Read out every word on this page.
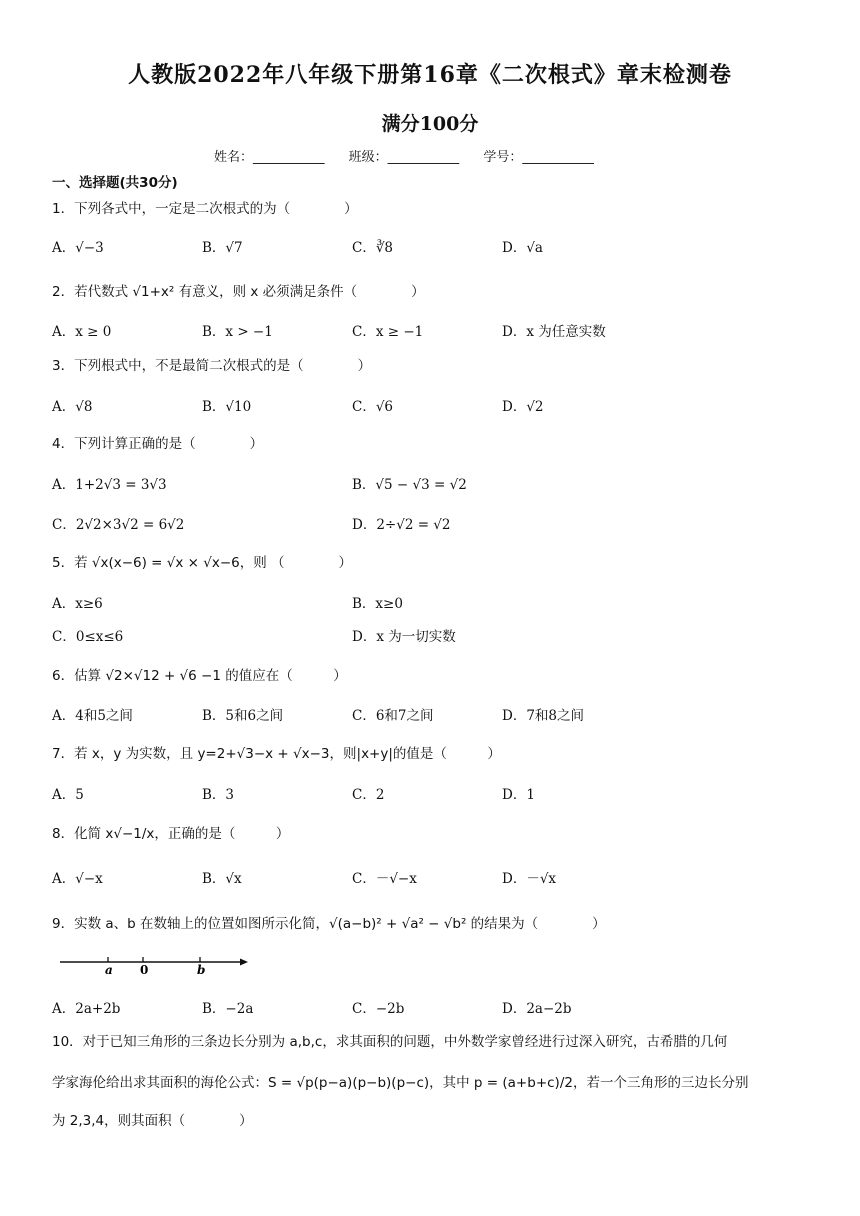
人教版2022年八年级下册第16章《二次根式》章末检测卷
满分100分
姓名：___________ 班级：___________ 学号：___________
一、选择题(共30分)
1．下列各式中，一定是二次根式的为（　　　　）
A．√−3	B．√7	C．∛8	D．√a
2．若代数式 √1+x² 有意义，则 x 必须满足条件（　　　　）
A．x ≥ 0	B．x > −1	C．x ≥ −1	D．x 为任意实数
3．下列根式中，不是最简二次根式的是（　　　　）
A．√8	B．√10	C．√6	D．√2
4．下列计算正确的是（　　　　）
A．1+2√3 = 3√3	B．√5 − √3 = √2
C．2√2×3√2 = 6√2	D．2÷√2 = √2
5．若 √x(x−6) = √x × √x−6，则 （　　　　）
A．x≥6	B．x≥0
C．0≤x≤6	D．x 为一切实数
6．估算 √2×√12 + √6 −1 的值应在（　　　）
A．4和5之间	B．5和6之间	C．6和7之间	D．7和8之间
7．若 x，y 为实数，且 y=2+√3−x + √x−3，则|x+y|的值是（　　　）
A．5	B．3	C．2	D．1
8．化简 x√−1/x，正确的是（　　　）
A．√−x	B．√x	C．－√−x	D．－√x
9．实数 a、b 在数轴上的位置如图所示化简，√(a−b)² + √a² − √b² 的结果为（　　　　）
a 0	b
A．2a+2b	B．−2a	C．−2b	D．2a−2b
10．对于已知三角形的三条边长分别为 a,b,c，求其面积的问题，中外数学家曾经进行过深入研究，古希腊的几何
学家海伦给出求其面积的海伦公式：S = √p(p−a)(p−b)(p−c)，其中 p = (a+b+c)/2，若一个三角形的三边长分别
为 2,3,4，则其面积（　　　　）
